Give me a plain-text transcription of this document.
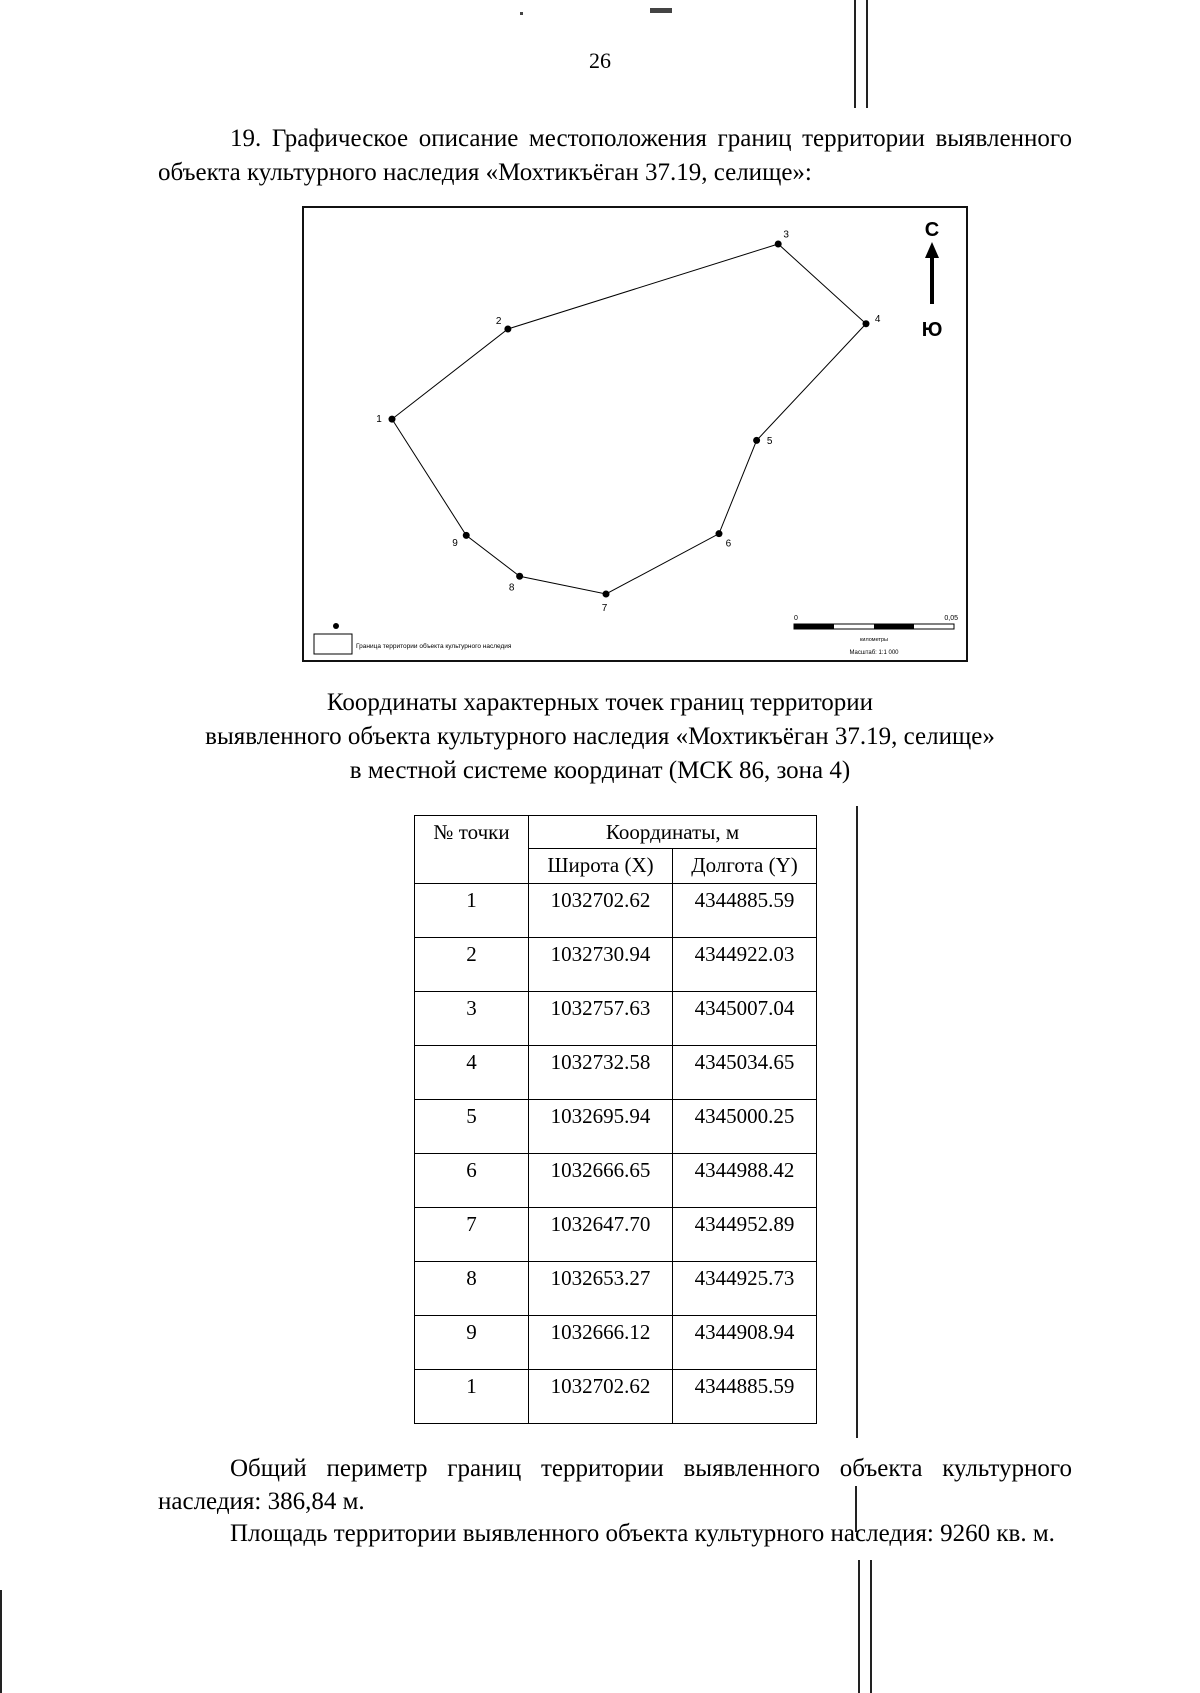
26
19. Графическое описание местоположения границ территории выявленного объекта культурного наследия «Мохтикъёган 37.19, селище»:
1
2
3
4
5
6
7
8
9
С
Ю
Граница территории объекта культурного наследия
0	0,05
километры
Масштаб: 1:1 000
Координаты характерных точек границ территории
выявленного объекта культурного наследия «Мохтикъёган 37.19, селище»
в местной системе координат (МСК 86, зона 4)
№ точки	Координаты, м	
	Широта (X)	Долгота (Y)
1	1032702.62	4344885.59
2	1032730.94	4344922.03
3	1032757.63	4345007.04
4	1032732.58	4345034.65
5	1032695.94	4345000.25
6	1032666.65	4344988.42
7	1032647.70	4344952.89
8	1032653.27	4344925.73
9	1032666.12	4344908.94
1	1032702.62	4344885.59
Общий периметр границ территории выявленного объекта культурного наследия: 386,84 м.
Площадь территории выявленного объекта культурного наследия: 9260 кв. м.
